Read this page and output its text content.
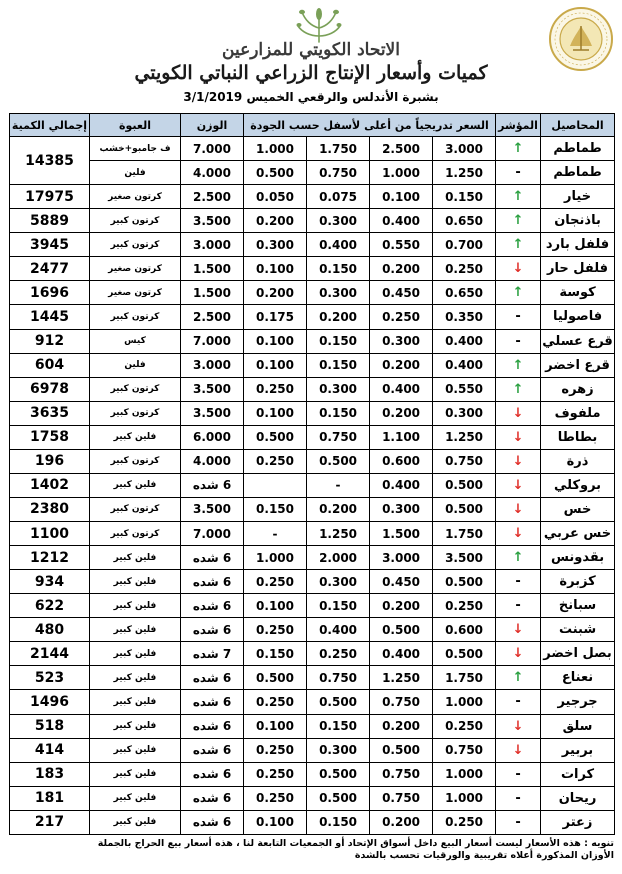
الاتحاد الكويتي للمزارعين
كميات وأسعار الإنتاج الزراعي النباتي الكويتي
بشبرة الأندلس والرقعي الخميس 3/1/2019
المحاصيل	المؤشر	السعر تدريجياً من أعلى لأسفل حسب الجودة				الوزن	العبوة	إجمالي الكمية
طماطم	↑	3.000	2.500	1.750	1.000	7.000	ف جامبو+خشب	14385
طماطم	-	1.250	1.000	0.750	0.500	4.000	فلين	
خيار	↑	0.150	0.100	0.075	0.050	2.500	كرتون صغير	17975
باذنجان	↑	0.650	0.400	0.300	0.200	3.500	كرتون كبير	5889
فلفل بارد	↑	0.700	0.550	0.400	0.300	3.000	كرتون كبير	3945
فلفل حار	↓	0.250	0.200	0.150	0.100	1.500	كرتون صغير	2477
كوسة	↑	0.650	0.450	0.300	0.200	1.500	كرتون صغير	1696
فاصوليا	-	0.350	0.250	0.200	0.175	2.500	كرتون كبير	1445
قرع عسلي	-	0.400	0.300	0.150	0.100	7.000	كيس	912
قرع اخضر	↑	0.400	0.200	0.150	0.100	3.000	فلين	604
زهره	↑	0.550	0.400	0.300	0.250	3.500	كرتون كبير	6978
ملفوف	↓	0.300	0.200	0.150	0.100	3.500	كرتون كبير	3635
بطاطا	↓	1.250	1.100	0.750	0.500	6.000	فلين كبير	1758
ذرة	↓	0.750	0.600	0.500	0.250	4.000	كرتون كبير	196
بروكلي	↓	0.500	0.400	-		6 شده	فلين كبير	1402
خس	↓	0.500	0.300	0.200	0.150	3.500	كرتون كبير	2380
خس عربي	↓	1.750	1.500	1.250	-	7.000	كرتون كبير	1100
بقدونس	↑	3.500	3.000	2.000	1.000	6 شده	فلين كبير	1212
كزبرة	-	0.500	0.450	0.300	0.250	6 شده	فلين كبير	934
سبانخ	-	0.250	0.200	0.150	0.100	6 شده	فلين كبير	622
شبنت	↓	0.600	0.500	0.400	0.250	6 شده	فلين كبير	480
بصل اخضر	↓	0.500	0.400	0.250	0.150	7 شده	فلين كبير	2144
نعناع	↑	1.750	1.250	0.750	0.500	6 شده	فلين كبير	523
جرجير	-	1.000	0.750	0.500	0.250	6 شده	فلين كبير	1496
سلق	↓	0.250	0.200	0.150	0.100	6 شده	فلين كبير	518
بربير	↓	0.750	0.500	0.300	0.250	6 شده	فلين كبير	414
كرات	-	1.000	0.750	0.500	0.250	6 شده	فلين كبير	183
ريحان	-	1.000	0.750	0.500	0.250	6 شده	فلين كبير	181
زعتر	-	0.250	0.200	0.150	0.100	6 شده	فلين كبير	217
تنويه : هذه الأسعار ليست أسعار البيع داخل أسواق الإتحاد أو الجمعيات التابعة لنا ، هذه أسعار بيع الحراج بالجملة
الأوزان المذكورة أعلاه تقريبية والورقيات تحسب بالشدة
